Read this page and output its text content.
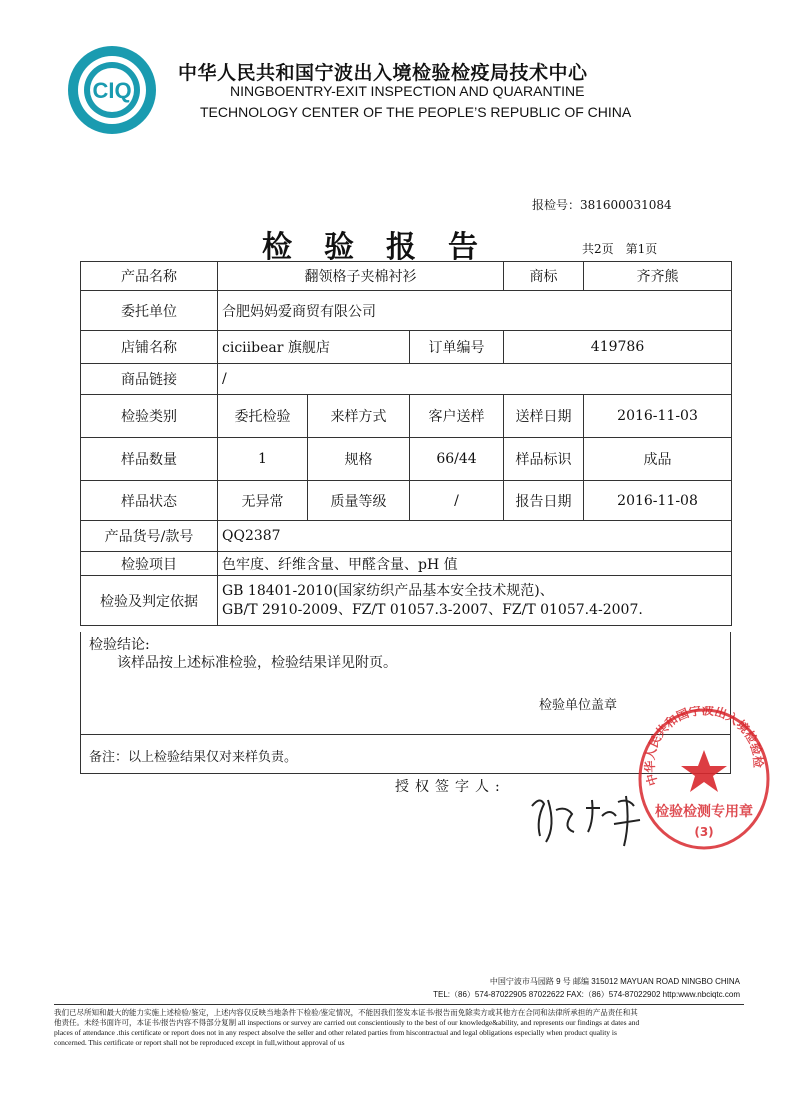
CIQ
中华人民共和国宁波出入境检验检疫局技术中心
NINGBOENTRY-EXIT INSPECTION AND QUARANTINE
TECHNOLOGY CENTER OF THE PEOPLE’S REPUBLIC OF CHINA
报检号：381600031084
检验报告	共2页　第1页
产品名称	翻领格子夹棉衬衫			商标	齐齐熊
委托单位	合肥妈妈爱商贸有限公司				
店铺名称	ciciibear 旗舰店		订单编号	419786	
商品链接	/				
检验类别	委托检验	来样方式	客户送样	送样日期	2016-11-03
样品数量	1	规格	66/44	样品标识	成品
样品状态	无异常	质量等级	/	报告日期	2016-11-08
产品货号/款号	QQ2387				
检验项目	色牢度、纤维含量、甲醛含量、pH 值				
检验及判定依据	GB 18401-2010(国家纺织产品基本安全技术规范)、
GB/T 2910-2009、FZ/T 01057.3-2007、FZ/T 01057.4-2007.				
检验结论:
该样品按上述标准检验，检验结果详见附页。
检验单位盖章
备注：以上检验结果仅对来样负责。
授权签字人:	中华人民共和国宁波出入境检验检
检验检测专用章
(3)
中国宁波市马园路 9 号 邮编 315012 MAYUAN ROAD NINGBO CHINA
TEL:（86）574-87022905 87022622 FAX:（86）574-87022902 http:www.nbciqtc.com
我们已尽所知和最大的能力实施上述检验/鉴定，上述内容仅反映当地条件下检验/鉴定情况，不能因我们签发本证书/报告而免除卖方或其他方在合同和法律所承担的产品责任和其
他责任。未经书面许可，本证书/报告内容不得部分复制 all inspections or survey are carried out conscientiously to the best of our knowledge&ability, and represents our findings at dates and
places of attendance .this certificate or report does not in any respect absolve the seller and other related parties from hiscontractual and legal obligations especially when product quality is
concerned. This certificate or report shall not be reproduced except in full,without approval of us
